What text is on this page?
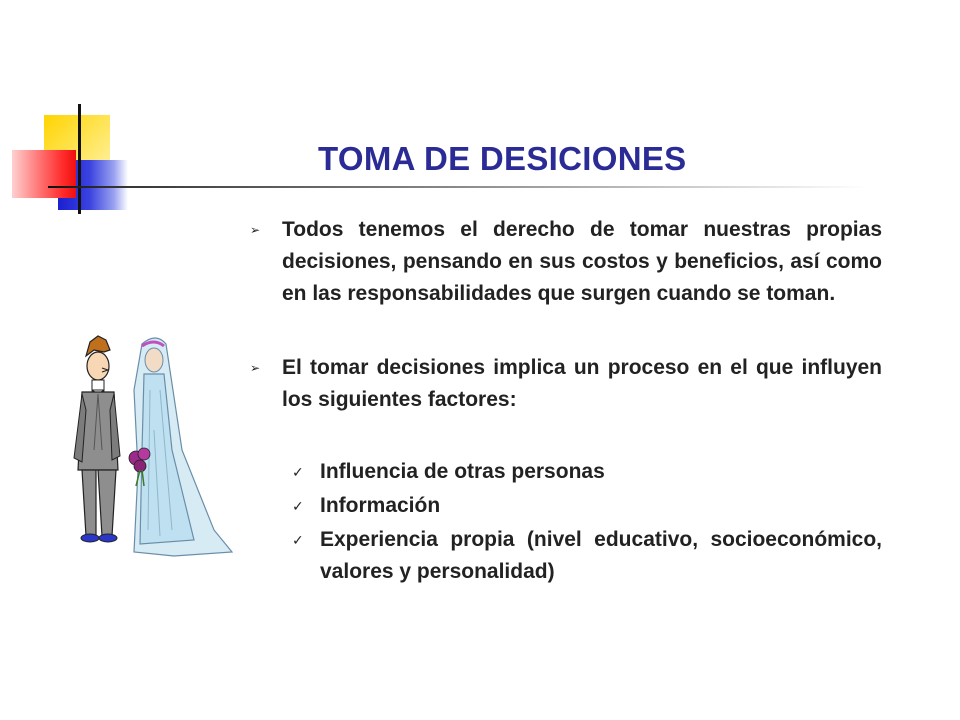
TOMA DE DESICIONES
➢ Todos tenemos el derecho de tomar nuestras propias decisiones, pensando en sus costos y beneficios, así como en las responsabilidades que surgen cuando se toman.
➢ El tomar decisiones implica un proceso en el que influyen los siguientes factores:
✓ Influencia de otras personas
✓ Información
✓ Experiencia propia (nivel educativo, socioeconómico, valores y personalidad)
